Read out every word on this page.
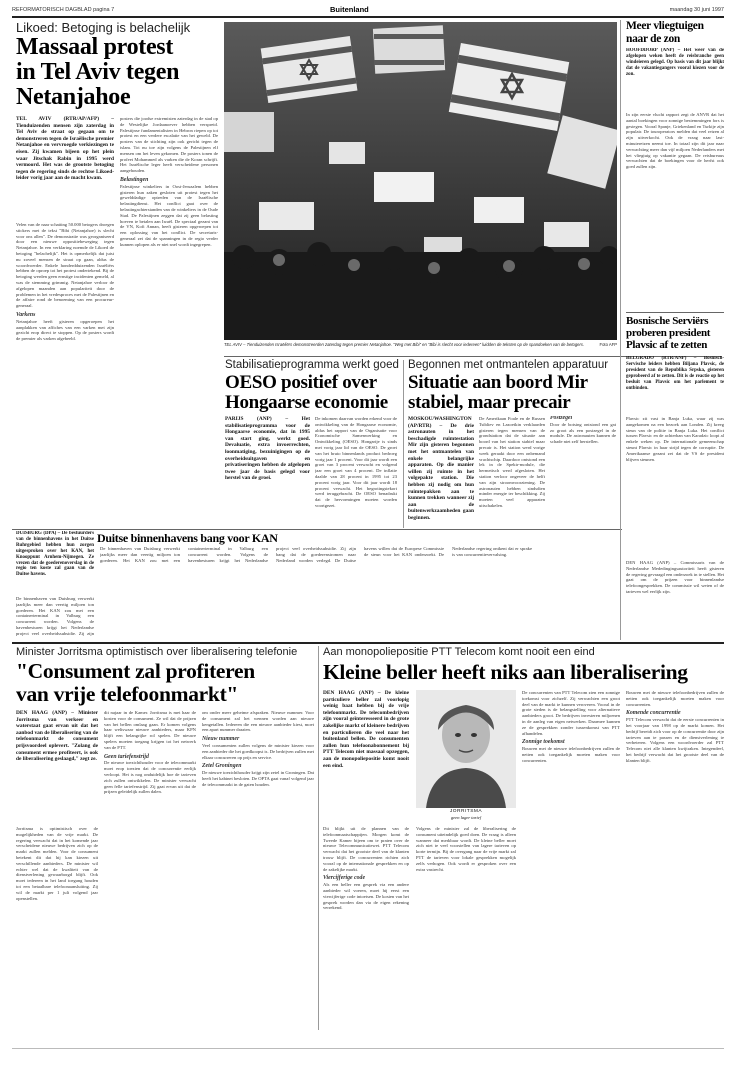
REFORMATORISCH DAGBLAD pagina 7	Buitenland	maandag 30 juni 1997
Likoed: Betoging is belachelijk
Massaal protest
in Tel Aviv tegen
Netanjahoe
TEL AVIV (RTR/AP/AFP) – Tienduizenden mensen zijn zaterdag in Tel Aviv de straat op gegaan om te demonstreren tegen de Israëlische premier Netanjahoe en vervroegde verkiezingen te eisen. Zij kwamen bijeen op het plein waar Jitschak Rabin in 1995 werd vermoord. Het was de grootste betoging tegen de regering sinds de rechtse Likoed-leider vorig jaar aan de macht kwam.
Velen van de naar schatting 50.000 betogers droegen stickers met de tekst "Bibi (Netanjahoe) is slecht voor ons allen". De demonstratie was georganiseerd door een nieuwe oppositiebeweging tegen Netanjahoe. In een verklaring noemde de Likoed de betoging "belachelijk". Het is opmerkelijk dat juist nu zoveel mensen de straat op gaan, aldus de woordvoerder. Enkele honderdduizenden Israëliërs hebben de oproep tot het protest ondertekend. Bij de betoging werden geen ernstige incidenten gemeld, al was de stemming grimmig. Netanjahoe verloor de afgelopen maanden aan populariteit door de problemen in het vredesproces met de Palestijnen en de affaire rond de benoeming van een procureur-generaal.
Varkens
Netanjahoe heeft gisteren opgeroepen het aanplakken van affiches van een varken met zijn gezicht erop direct te stoppen. Op de posters wordt de premier als varken afgebeeld.
posters die joodse extremisten zaterdag in de stad op de Westelijke Jordaanoever hebben verspreid. Palestijnse fundamentalisten in Hebron riepen op tot protest en een verdere escalatie van het geweld. De posters van de stichting zijn ook gericht tegen de islam. Tot nu toe zijn volgens de Palestijnen elf mensen om het leven gekomen. De posters tonen de profeet Mohammed als varken die de Koran schrijft. Het Israëlische leger heeft verscheidene personen aangehouden.
Belastingen
Palestijnse winkeliers in Oost-Jeruzalem hebben gisteren hun zaken gesloten uit protest tegen het gewelddadige optreden van de Israëlische belastingdienst. Het conflict gaat over de belastingachterstanden van de winkeliers in de Oude Stad. De Palestijnen zeggen dat zij geen belasting hoeven te betalen aan Israël. De speciaal gezant van de VN, Kofi Annan, heeft gisteren opgeroepen tot een oplossing van het conflict. De secretaris-generaal zei dat de spanningen in de regio verder kunnen oplopen als er niet snel wordt ingegrepen.
TEL AVIV – Tienduizenden Israëliërs demonstreerden zaterdag tegen premier Netanjahoe. "Weg met Bibi" en "Bibi is slecht voor iedereen" luidden de teksten op de spandoeken van de betogers.	Foto AFP
Stabilisatieprogramma werkt goed
OESO positief over
Hongaarse economie
PARIJS (ANP) – Het stabilisatieprogramma voor de Hongaarse economie, dat in 1995 van start ging, werkt goed. Devaluatie, extra invoerrechten, loonmatiging, bezuinigingen op de overheidsuitgaven en privatiseringen hebben de afgelopen twee jaar de basis gelegd voor herstel van de groei.
De inkomen daarvan worden erkend voor de ontwikkeling van de Hongaarse economie, aldus het rapport van de Organisatie voor Economische Samenwerking en Ontwikkeling (OESO). Hongarije is sinds mei vorig jaar lid van de OESO. De groei van het bruto binnenlands product bedroeg vorig jaar 1 procent. Voor dit jaar wordt een groei van 3 procent verwacht en volgend jaar een groei van 4 procent. De inflatie daalde van 28 procent in 1995 tot 23 procent vorig jaar. Voor dit jaar wordt 18 procent verwacht. Het begrotingstekort werd teruggebracht. De OESO benadrukt dat de hervormingen moeten worden voortgezet.
Begonnen met ontmantelen apparatuur
Situatie aan boord Mir
stabiel, maar precair
MOSKOU/WASHINGTON (AP/RTR) – De drie astronauten in het beschadigde ruimtestation Mir zijn gisteren begonnen met het ontmantelen van enkele belangrijke apparaten. Op die manier willen zij ruimte in het volgepakte station. Die hebben zij nodig om hun ruimtepakken aan te kunnen trekken wanneer zij aan de buitenwerkzaamheden gaan beginnen.
De Amerikaan Foale en de Russen Tsibliev en Lazoetkin verklaarden gisteren tegen mensen van de grondstation dat de situatie aan boord van het station stabiel maar precair is. Het station werd vorige week geraakt door een onbemand vrachtschip. Daardoor ontstond een lek in de Spektr-module, die hermetisch werd afgesloten. Het station verloor ongeveer de helft van zijn stroomvoorziening. De astronauten hebben sindsdien minder energie ter beschikking. Zij moeten veel apparaten uitschakelen.
Postzegel
Door de botsing ontstond een gat zo groot als een postzegel in de module. De astronauten kunnen de schade niet zelf herstellen.
Duitse binnenhavens bang voor KAN
DUISBURG (DPA) – De bestuurders van de binnenhavens in het Duitse Ruhrgebied hebben hun zorgen uitgesproken over het KAN, het Knooppunt Arnhem-Nijmegen. Ze vrezen dat de goederenoverslag in de regio ten koste zal gaan van de Duitse havens.
De binnenhaven van Duisburg verwerkt jaarlijks meer dan veertig miljoen ton goederen. Het KAN zou met een containerterminal in Valburg een concurrent worden. Volgens de havenbesturen krijgt het Nederlandse project veel overheidssubsidie. Zij zijn
De binnenhaven van Duisburg verwerkt jaarlijks meer dan veertig miljoen ton goederen. Het KAN zou met een containerterminal in Valburg een concurrent worden. Volgens de havenbesturen krijgt het Nederlandse project veel overheidssubsidie. Zij zijn bang dat de goederenstromen naar Nederland worden verlegd. De Duitse havens willen dat de Europese Commissie de steun voor het KAN onderzoekt. De Nederlandse regering ontkent dat er sprake is van concurrentievervalsing.
Meer vliegtuigen
naar de zon
HOOFDDORP (ANP) – Het weer van de afgelopen weken heeft de reisbranche geen windeieren gelegd. Op basis van dit jaar blijkt dat de vakantiegangers vooral kiezen voor de zon.
In zijn eerste vlucht rapport zegt de ANVR dat het aantal boekingen voor zonnige bestemmingen fors is gestegen. Vooral Spanje, Griekenland en Turkije zijn populair. De touroperators melden dat veel reizen al zijn uitverkocht. Ook de vraag naar last-minutereizen neemt toe. In totaal zijn dit jaar naar verwachting meer dan vijf miljoen Nederlanders met het vliegtuig op vakantie gegaan. De reisbureaus verwachten dat de boekingen voor de herfst ook goed zullen zijn.
Bosnische Serviërs
proberen president
Plavsic af te zetten
BELGRADO (RTR/ANP) – Bosnisch-Servische leiders hebben Biljana Plavsic, de president van de Republika Srpska, gisteren geprobeerd af te zetten. Dit is de reactie op het besluit van Plavsic om het parlement te ontbinden.
Plavsic zit vast in Banja Luka, waar zij was aangekomen na een bezoek aan Londen. Zij kreeg steun van de politie in Banja Luka. Het conflict tussen Plavsic en de achterban van Karadzic loopt al enkele weken op. De internationale gemeenschap steunt Plavsic in haar strijd tegen de corruptie. De Amerikaanse gezant zei dat de VS de president blijven steunen.
DEN HAAG (ANP) – Commissaris van de Nederlandse Mededingingsautoriteit heeft gisteren de regering gevraagd een onderzoek in te stellen. Het gaat om de prijzen voor binnenlandse telefoongesprekken. De commissie wil weten of de tarieven wel eerlijk zijn.
Minister Jorritsma optimistisch over liberalisering telefonie
"Consument zal profiteren
van vrije telefoonmarkt"
DEN HAAG (ANP) – Minister Jorritsma van verkeer en waterstaat gaat ervan uit dat het aanbod van de liberalisering van de telefoonmarkt de consument prijsvoordeel oplevert. "Zolang de consument ermee profiteert, is ook de liberalisering geslaagd," zegt ze.
Jorritsma is optimistisch over de mogelijkheden van de vrije markt. De regering verwacht dat in het komende jaar verscheidene nieuwe bedrijven zich op de markt zullen melden. Voor de consument betekent dit dat hij kan kiezen uit verschillende aanbieders. De minister wil echter wel dat de kwaliteit van de dienstverlening gewaarborgd blijft. Ook moet iedereen in het land toegang houden tot een betaalbare telefoonaansluiting. Zij wil de markt per 1 juli volgend jaar openstellen.
dit najaar in de Kamer. Jorritsma is met haar de kosten voor de consument. Ze wil dat de prijzen van het bellen omlaag gaan. Er komen volgens haar weliswaar nieuwe aanbieders, maar KPN blijft een belangrijke rol spelen. De nieuwe spelers moeten toegang krijgen tot het netwerk van de PTT.
Geen tariefenstrijd
De nieuwe toezichthouder voor de telecommarkt moet erop toezien dat de concurrentie eerlijk verloopt. Het is nog onduidelijk hoe de tarieven zich zullen ontwikkelen. De minister verwacht geen felle tariefenstrijd. Zij gaat ervan uit dat de prijzen geleidelijk zullen dalen.
om onder meer geheime afspraken. Nieuwe nummer. Voor de consument zal het wennen worden aan nieuwe kengetallen. Iedereen die een nieuwe aanbieder kiest, moet een apart nummer draaien.
Nieuw nummer
Veel consumenten zullen volgens de minister kiezen voor een aanbieder die het goedkoopst is. De bedrijven zullen met elkaar concurreren op prijs en service.
Zetel Groningen
De nieuwe toezichthouder krijgt zijn zetel in Groningen. Dat heeft het kabinet besloten. De OPTA gaat vanaf volgend jaar de telecommarkt in de gaten houden.
Aan monopoliepositie PTT Telecom komt nooit een eind
Kleine beller heeft niks aan liberalisering
DEN HAAG (ANP) – De kleine particuliere beller zal voorlopig weinig baat hebben bij de vrije telefoonmarkt. De telecombedrijven zijn vooral geïnteresseerd in de grote zakelijke markt of kleinere bedrijven en particulieren die veel naar het buitenland bellen. De consumenten zullen hun telefoonabonnement bij PTT Telecom niet massaal opzeggen, aan de monopoliepositie komt nooit een eind.
Dit blijkt uit de plannen van de telefoonmaatschappijen. Morgen komt de Tweede Kamer bijeen om te praten over de nieuwe Telecommunicatiewet. PTT Telecom verwacht dat het grootste deel van de klanten trouw blijft. De concurrenten richten zich vooral op de internationale gesprekken en op de zakelijke markt.
Viercijferige code
Als een beller een gesprek via een andere aanbieder wil voeren, moet hij eerst een viercijferige code intoetsen. De kosten van het gesprek worden dan via de eigen rekening verrekend.
JORRITSMA
geen lager tarief
Volgens de minister zal de liberalisering de consument uiteindelijk goed doen. De vraag is alleen wanneer dat merkbaar wordt. De kleine beller moet zich niet te veel voorstellen van lagere tarieven op korte termijn. Bij de overgang naar de vrije markt zal PTT de tarieven voor lokale gesprekken mogelijk zelfs verhogen. Ook wordt er gesproken over een extra vastrecht.
De concurrenten van PTT Telecom zien een zonnige toekomst voor zichzelf. Zij verwachten een groot deel van de markt te kunnen veroveren. Vooral in de grote steden is de belangstelling voor alternatieve aanbieders groot. De bedrijven investeren miljoenen in de aanleg van eigen netwerken. Daarmee kunnen ze de gesprekken zonder tussenkomst van PTT afhandelen.
Zonnige toekomst
Bouwen met de nieuwe telefoonbedrijven zullen de netten ook toegankelijk moeten maken voor concurrenten.
Bouwen met de nieuwe telefoonbedrijven zullen de netten ook toegankelijk moeten maken voor concurrenten.
Komende concurrentie
PTT Telecom verwacht dat de eerste concurrenten in het voorjaar van 1998 op de markt komen. Het bedrijf bereidt zich voor op de concurrentie door zijn tarieven aan te passen en de dienstverlening te verbeteren. Volgens een woordvoerder zal PTT Telecom niet alle klanten kwijtraken. Integendeel, het bedrijf verwacht dat het grootste deel van de klanten blijft.
